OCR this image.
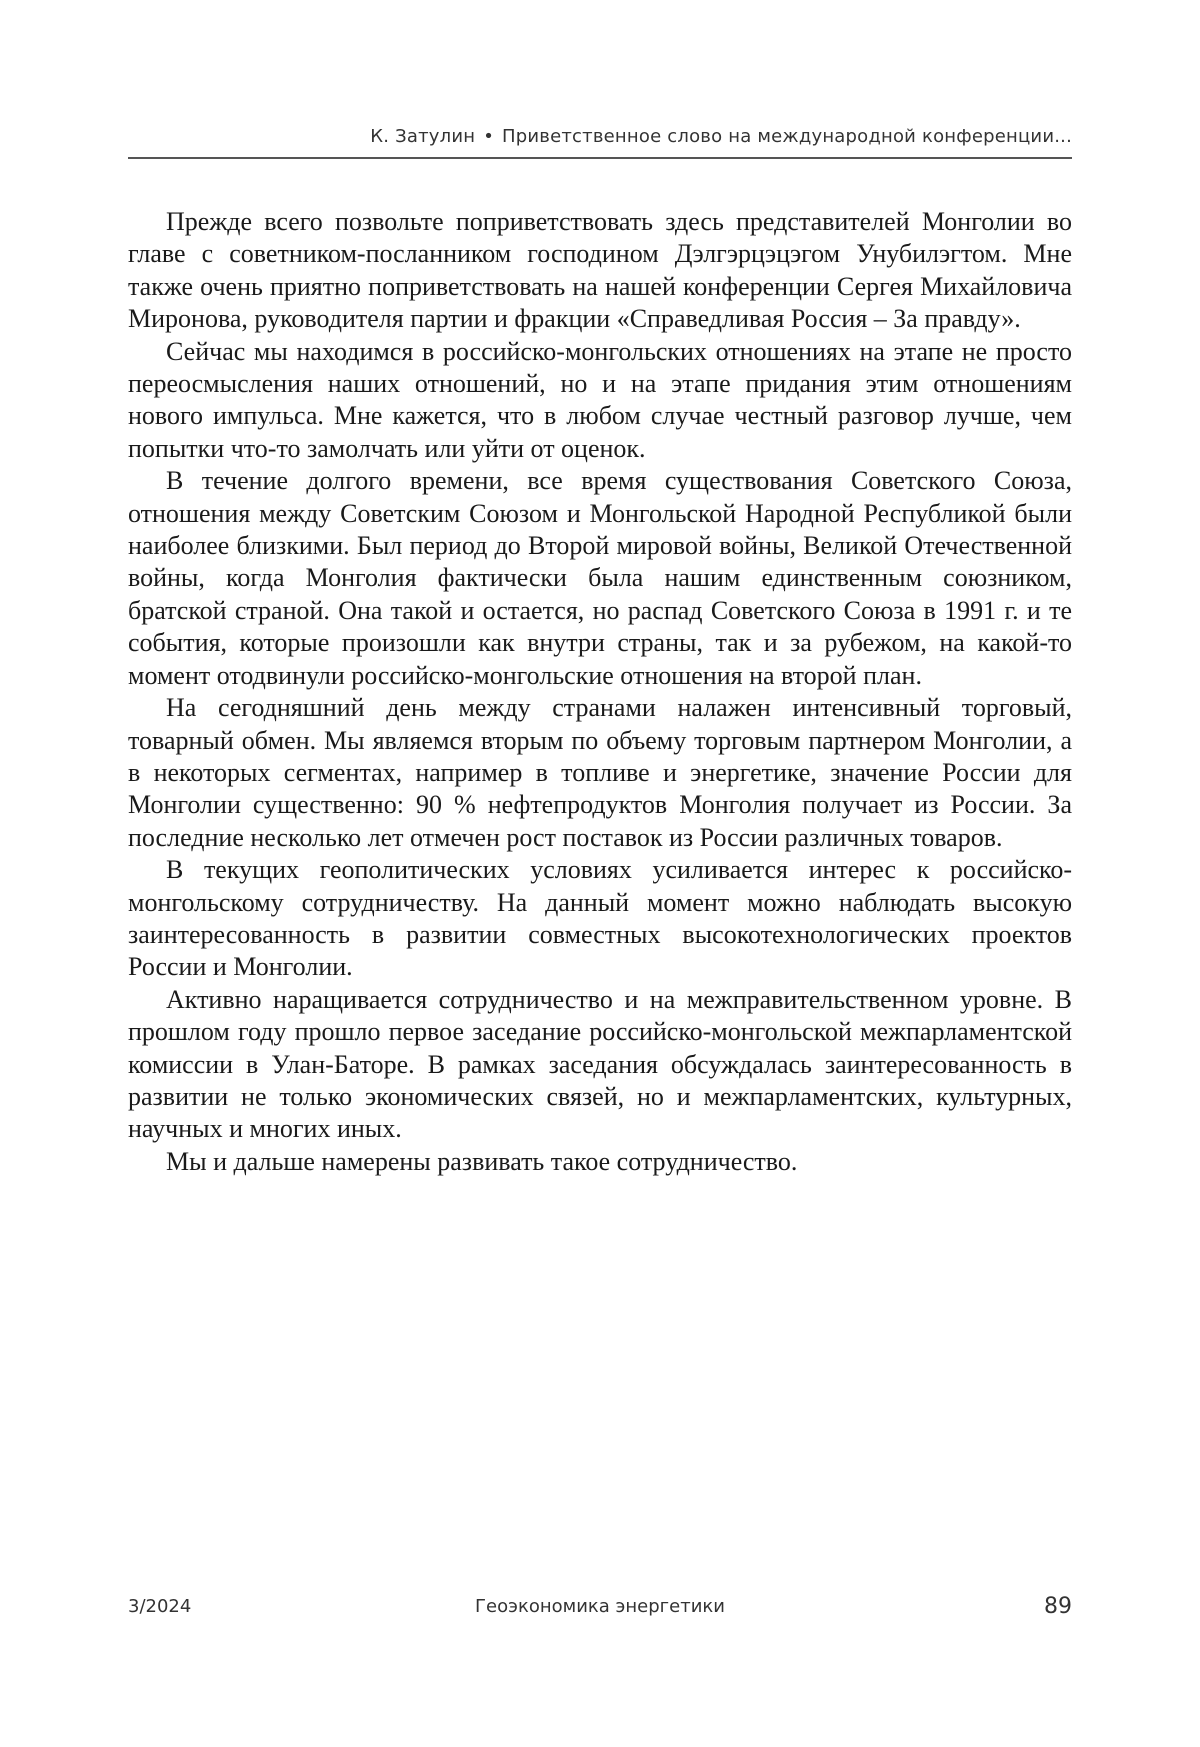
К. Затулин • Приветственное слово на международной конференции...

Прежде всего позвольте поприветствовать здесь представителей Монголии во главе с советником-посланником господином Дэлгэрцэцэгом Унубилэгтом. Мне также очень приятно поприветствовать на нашей конференции Сергея Михайловича Миронова, руководителя партии и фракции «Справедливая Россия – За правду».

Сейчас мы находимся в российско-монгольских отношениях на этапе не просто переосмысления наших отношений, но и на этапе придания этим отношениям нового импульса. Мне кажется, что в любом случае честный разговор лучше, чем попытки что-то замолчать или уйти от оценок.

В течение долгого времени, все время существования Советского Союза, отношения между Советским Союзом и Монгольской Народной Республикой были наиболее близкими. Был период до Второй мировой войны, Великой Отечественной войны, когда Монголия фактически была нашим единственным союзником, братской страной. Она такой и остается, но распад Советского Союза в 1991 г. и те события, которые произошли как внутри страны, так и за рубежом, на какой-то момент отодвинули российско-монгольские отношения на второй план.

На сегодняшний день между странами налажен интенсивный торговый, товарный обмен. Мы являемся вторым по объему торговым партнером Монголии, а в некоторых сегментах, например в топливе и энергетике, значение России для Монголии существенно: 90 % нефтепродуктов Монголия получает из России. За последние несколько лет отмечен рост поставок из России различных товаров.

В текущих геополитических условиях усиливается интерес к российско-монгольскому сотрудничеству. На данный момент можно наблюдать высокую заинтересованность в развитии совместных высокотехнологических проектов России и Монголии.

Активно наращивается сотрудничество и на межправительственном уровне. В прошлом году прошло первое заседание российско-монгольской межпарламентской комиссии в Улан-Баторе. В рамках заседания обсуждалась заинтересованность в развитии не только экономических связей, но и межпарламентских, культурных, научных и многих иных.

Мы и дальше намерены развивать такое сотрудничество.

3/2024	Геоэкономика энергетики	89
